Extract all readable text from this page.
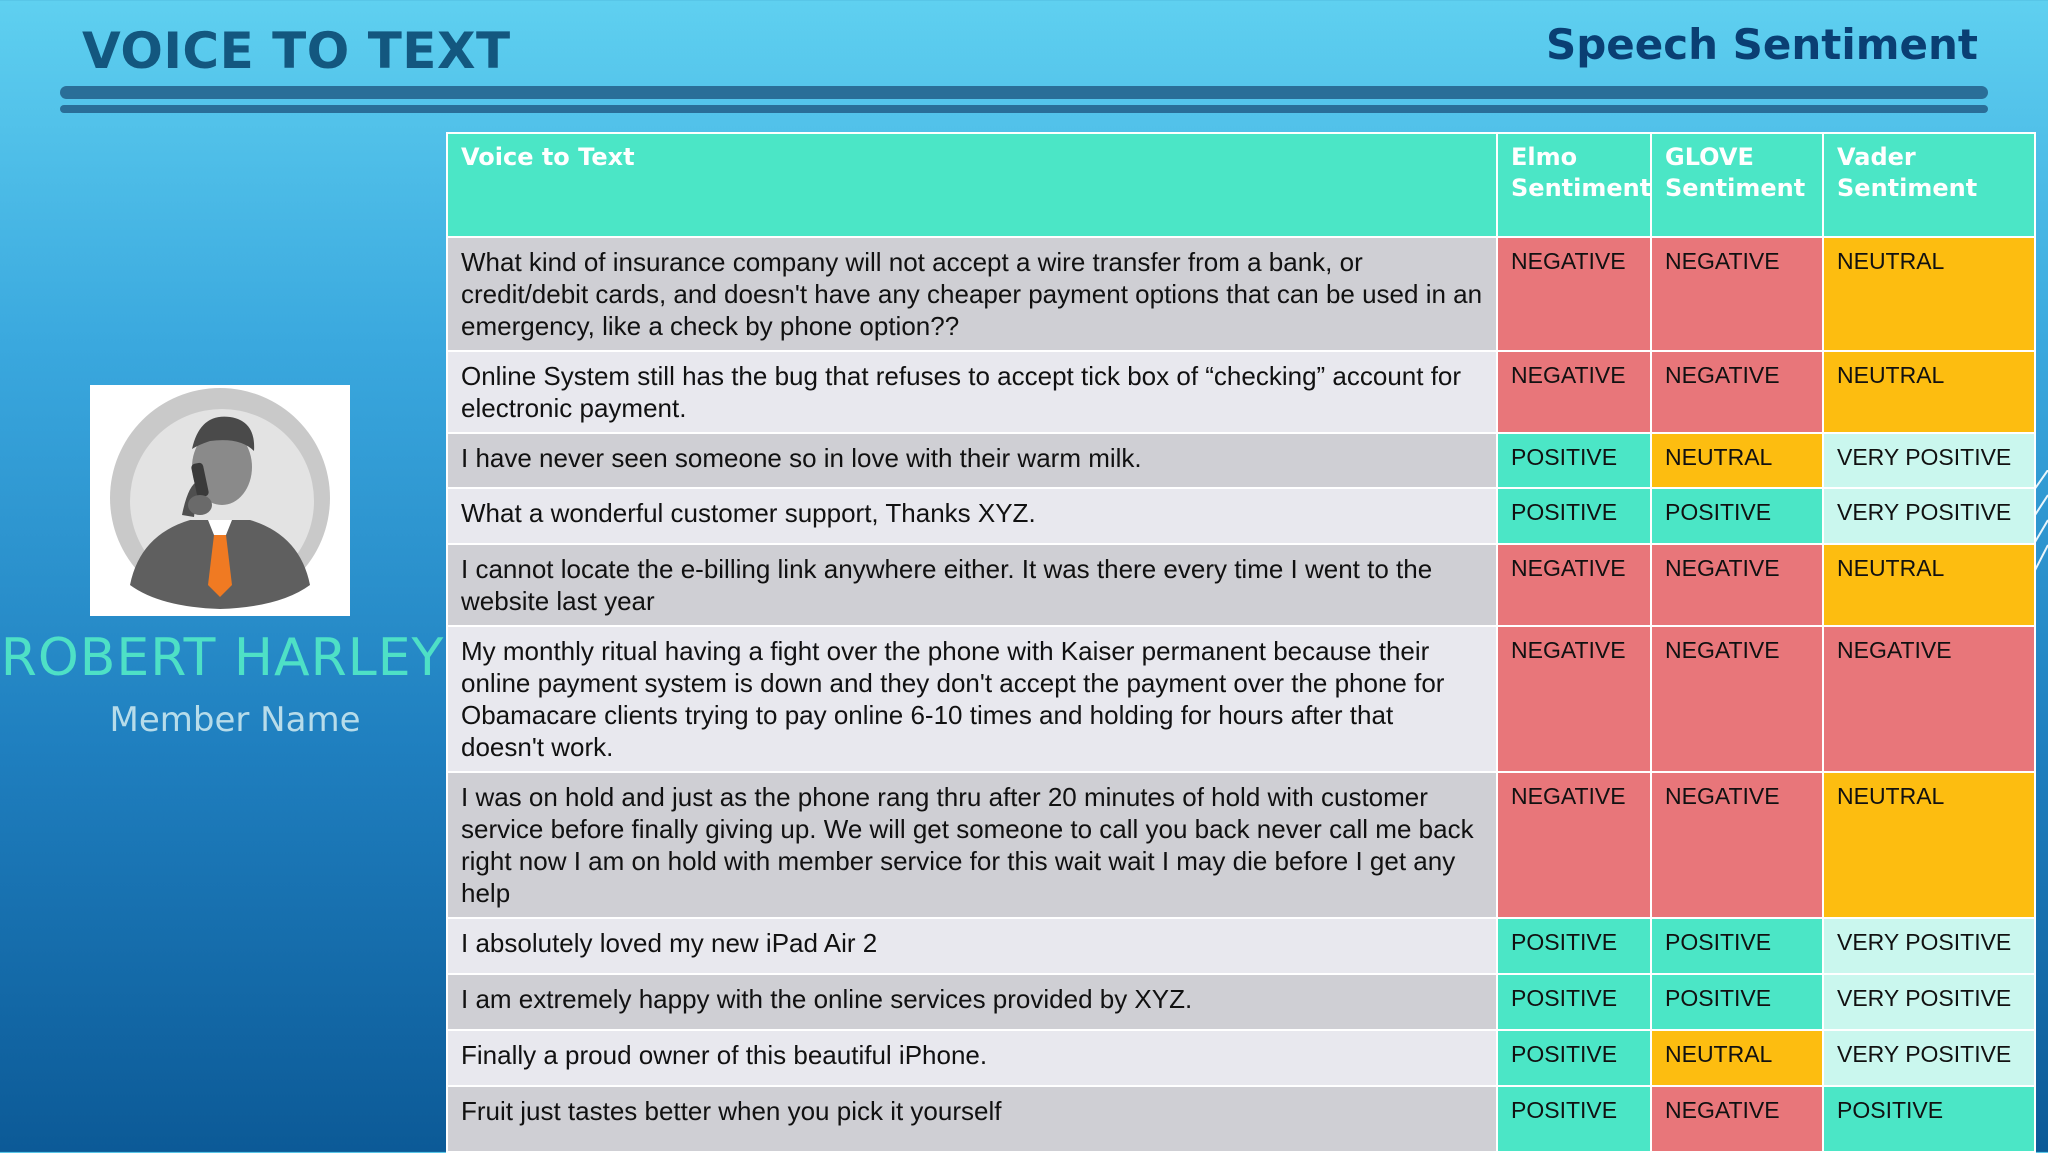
VOICE TO TEXT	Speech Sentiment
ROBERT HARLEY
Member Name
Voice to Text	Elmo Sentiment	GLOVE Sentiment	Vader Sentiment
What kind of insurance company will not accept a wire transfer from a bank, or credit/debit cards, and doesn't have any cheaper payment options that can be used in an emergency, like a check by phone option??	NEGATIVE	NEGATIVE	NEUTRAL
Online System still has the bug that refuses to accept tick box of “checking” account for electronic payment.	NEGATIVE	NEGATIVE	NEUTRAL
I have never seen someone so in love with their warm milk.	POSITIVE	NEUTRAL	VERY POSITIVE
What a wonderful customer support, Thanks XYZ.	POSITIVE	POSITIVE	VERY POSITIVE
I cannot locate the e-billing link anywhere either. It was there every time I went to the website last year	NEGATIVE	NEGATIVE	NEUTRAL
My monthly ritual having a fight over the phone with Kaiser permanent because their online payment system is down and they don't accept the payment over the phone for Obamacare clients trying to pay online 6-10 times and holding for hours after that doesn't work.	NEGATIVE	NEGATIVE	NEGATIVE
I was on hold and just as the phone rang thru after 20 minutes of hold with customer service before finally giving up. We will get someone to call you back never call me back right now I am on hold with member service for this wait wait I may die before I get any help	NEGATIVE	NEGATIVE	NEUTRAL
I absolutely loved my new iPad Air 2	POSITIVE	POSITIVE	VERY POSITIVE
I am extremely happy with the online services provided by XYZ.	POSITIVE	POSITIVE	VERY POSITIVE
Finally a proud owner of this beautiful iPhone.	POSITIVE	NEUTRAL	VERY POSITIVE
Fruit just tastes better when you pick it yourself	POSITIVE	NEGATIVE	POSITIVE
